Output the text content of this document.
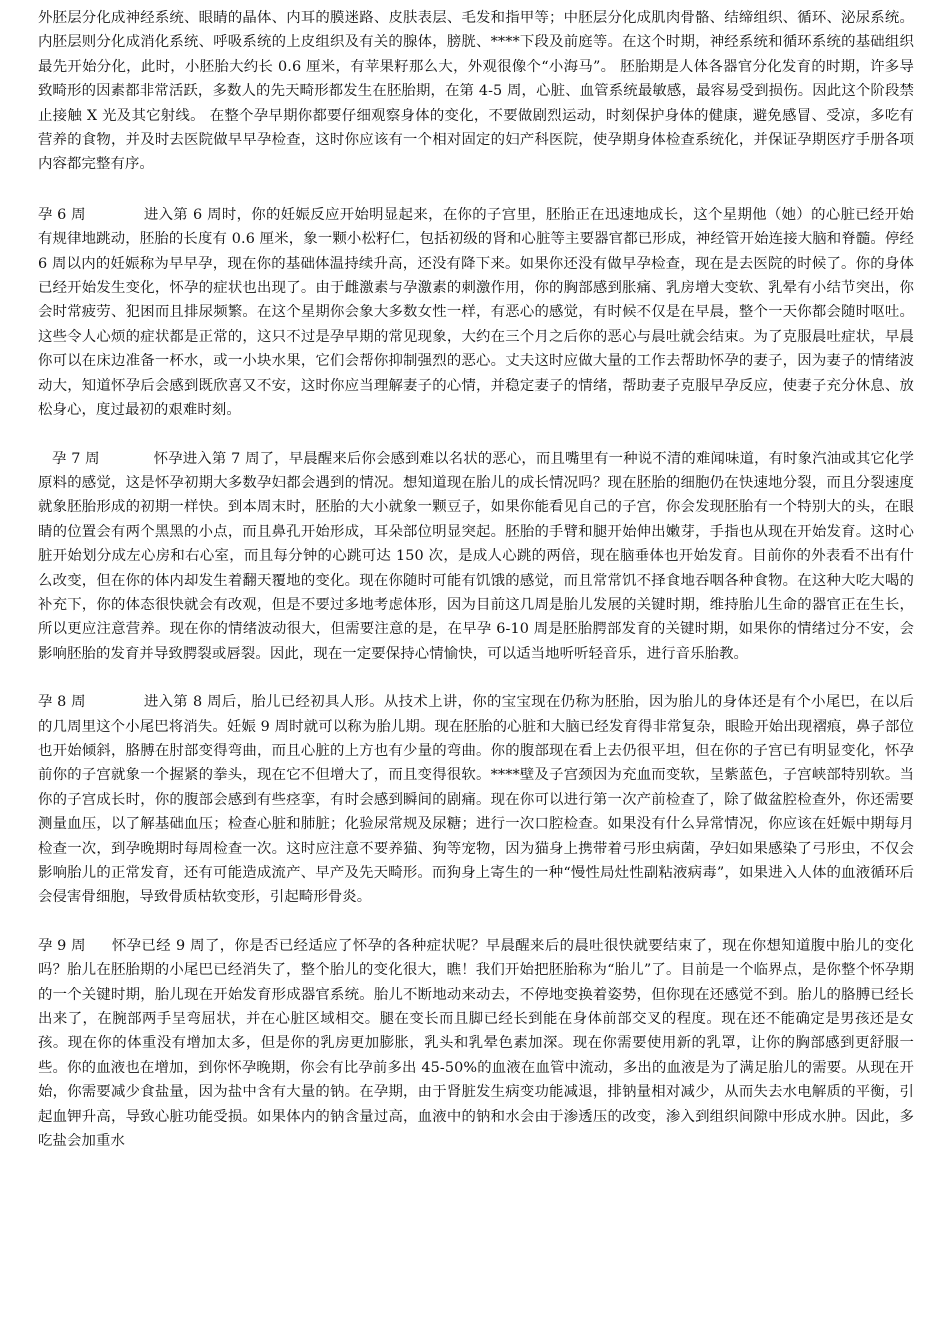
外胚层分化成神经系统、眼睛的晶体、内耳的膜迷路、皮肤表层、毛发和指甲等；中胚层分化成肌肉骨骼、结缔组织、循环、泌尿系统。内胚层则分化成消化系统、呼吸系统的上皮组织及有关的腺体，膀胱、****下段及前庭等。在这个时期，神经系统和循环系统的基础组织最先开始分化，此时，小胚胎大约长 0.6 厘米，有苹果籽那么大，外观很像个“小海马”。 胚胎期是人体各器官分化发育的时期，许多导致畸形的因素都非常活跃，多数人的先天畸形都发生在胚胎期，在第 4-5 周，心脏、血管系统最敏感，最容易受到损伤。因此这个阶段禁止接触 X 光及其它射线。 在整个孕早期你都要仔细观察身体的变化，不要做剧烈运动，时刻保护身体的健康，避免感冒、受凉，多吃有营养的食物，并及时去医院做早早孕检查，这时你应该有一个相对固定的妇产科医院，使孕期身体检查系统化，并保证孕期医疗手册各项内容都完整有序。

孕 6 周	进入第 6 周时，你的妊娠反应开始明显起来，在你的子宫里，胚胎正在迅速地成长，这个星期他（她）的心脏已经开始有规律地跳动，胚胎的长度有 0.6 厘米，象一颗小松籽仁，包括初级的肾和心脏等主要器官都已形成，神经管开始连接大脑和脊髓。停经 6 周以内的妊娠称为早早孕，现在你的基础体温持续升高，还没有降下来。如果你还没有做早孕检查，现在是去医院的时候了。你的身体已经开始发生变化，怀孕的症状也出现了。由于雌激素与孕激素的刺激作用，你的胸部感到胀痛、乳房增大变软、乳晕有小结节突出，你会时常疲劳、犯困而且排尿频繁。在这个星期你会象大多数女性一样，有恶心的感觉，有时候不仅是在早晨，整个一天你都会随时呕吐。这些令人心烦的症状都是正常的，这只不过是孕早期的常见现象，大约在三个月之后你的恶心与晨吐就会结束。为了克服晨吐症状，早晨你可以在床边准备一杯水，或一小块水果，它们会帮你抑制强烈的恶心。丈夫这时应做大量的工作去帮助怀孕的妻子，因为妻子的情绪波动大，知道怀孕后会感到既欣喜又不安，这时你应当理解妻子的心情，并稳定妻子的情绪，帮助妻子克服早孕反应，使妻子充分休息、放松身心，度过最初的艰难时刻。

孕 7 周	怀孕进入第 7 周了，早晨醒来后你会感到难以名状的恶心，而且嘴里有一种说不清的难闻味道，有时象汽油或其它化学原料的感觉，这是怀孕初期大多数孕妇都会遇到的情况。想知道现在胎儿的成长情况吗？现在胚胎的细胞仍在快速地分裂，而且分裂速度就象胚胎形成的初期一样快。到本周末时，胚胎的大小就象一颗豆子，如果你能看见自己的子宫，你会发现胚胎有一个特别大的头，在眼睛的位置会有两个黑黑的小点，而且鼻孔开始形成，耳朵部位明显突起。胚胎的手臂和腿开始伸出嫩芽，手指也从现在开始发育。这时心脏开始划分成左心房和右心室，而且每分钟的心跳可达 150 次，是成人心跳的两倍，现在脑垂体也开始发育。目前你的外表看不出有什么改变，但在你的体内却发生着翻天覆地的变化。现在你随时可能有饥饿的感觉，而且常常饥不择食地吞咽各种食物。在这种大吃大喝的补充下，你的体态很快就会有改观，但是不要过多地考虑体形，因为目前这几周是胎儿发展的关键时期，维持胎儿生命的器官正在生长，所以更应注意营养。现在你的情绪波动很大，但需要注意的是，在早孕 6-10 周是胚胎腭部发育的关键时期，如果你的情绪过分不安，会影响胚胎的发育并导致腭裂或唇裂。因此，现在一定要保持心情愉快，可以适当地听听轻音乐，进行音乐胎教。

孕 8 周	进入第 8 周后，胎儿已经初具人形。从技术上讲，你的宝宝现在仍称为胚胎，因为胎儿的身体还是有个小尾巴，在以后的几周里这个小尾巴将消失。妊娠 9 周时就可以称为胎儿期。现在胚胎的心脏和大脑已经发育得非常复杂，眼睑开始出现褶痕，鼻子部位也开始倾斜，胳膊在肘部变得弯曲，而且心脏的上方也有少量的弯曲。你的腹部现在看上去仍很平坦，但在你的子宫已有明显变化，怀孕前你的子宫就象一个握紧的拳头，现在它不但增大了，而且变得很软。****壁及子宫颈因为充血而变软，呈紫蓝色，子宫峡部特别软。当你的子宫成长时，你的腹部会感到有些痉挛，有时会感到瞬间的剧痛。现在你可以进行第一次产前检查了，除了做盆腔检查外，你还需要测量血压，以了解基础血压；检查心脏和肺脏；化验尿常规及尿糖；进行一次口腔检查。如果没有什么异常情况，你应该在妊娠中期每月检查一次，到孕晚期时每周检查一次。这时应注意不要养猫、狗等宠物，因为猫身上携带着弓形虫病菌，孕妇如果感染了弓形虫，不仅会影响胎儿的正常发育，还有可能造成流产、早产及先天畸形。而狗身上寄生的一种“慢性局灶性副粘液病毒”，如果进入人体的血液循环后会侵害骨细胞，导致骨质枯软变形，引起畸形骨炎。

孕 9 周 怀孕已经 9 周了，你是否已经适应了怀孕的各种症状呢？早晨醒来后的晨吐很快就要结束了，现在你想知道腹中胎儿的变化吗？胎儿在胚胎期的小尾巴已经消失了，整个胎儿的变化很大，瞧！我们开始把胚胎称为“胎儿”了。目前是一个临界点，是你整个怀孕期的一个关键时期，胎儿现在开始发育形成器官系统。胎儿不断地动来动去，不停地变换着姿势，但你现在还感觉不到。胎儿的胳膊已经长出来了，在腕部两手呈弯屈状，并在心脏区域相交。腿在变长而且脚已经长到能在身体前部交叉的程度。现在还不能确定是男孩还是女孩。现在你的体重没有增加太多，但是你的乳房更加膨胀，乳头和乳晕色素加深。现在你需要使用新的乳罩，让你的胸部感到更舒服一些。你的血液也在增加，到你怀孕晚期，你会有比孕前多出 45-50%的血液在血管中流动，多出的血液是为了满足胎儿的需要。从现在开始，你需要减少食盐量，因为盐中含有大量的钠。在孕期，由于肾脏发生病变功能减退，排钠量相对减少，从而失去水电解质的平衡，引起血钾升高，导致心脏功能受损。如果体内的钠含量过高，血液中的钠和水会由于渗透压的改变，渗入到组织间隙中形成水肿。因此，多吃盐会加重水
